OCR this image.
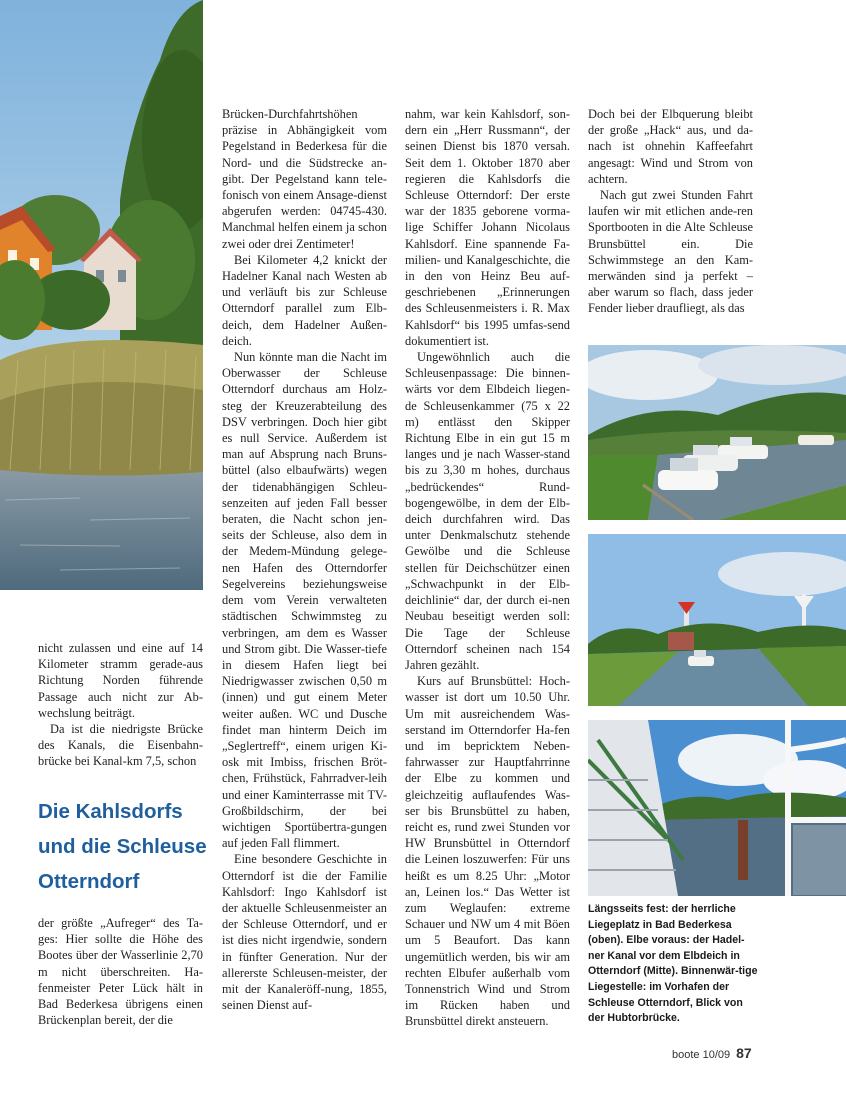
nicht zulassen und eine auf 14 Kilometer stramm gerade-aus Richtung Norden führende Passage auch nicht zur Ab-wechslung beiträgt.

Da ist die niedrigste Brücke des Kanals, die Eisenbahn-brücke bei Kanal-km 7,5, schon

Die Kahlsdorfs und die Schleuse Otterndorf

der größte „Aufreger“ des Ta-ges: Hier sollte die Höhe des Bootes über der Wasserlinie 2,70 m nicht überschreiten. Ha-fenmeister Peter Lück hält in Bad Bederkesa übrigens einen Brückenplan bereit, der die

Brücken-Durchfahrtshöhen präzise in Abhängigkeit vom Pegelstand in Bederkesa für die Nord- und die Südstrecke an-gibt. Der Pegelstand kann tele-fonisch von einem Ansage-dienst abgerufen werden: 04745-430. Manchmal helfen einem ja schon zwei oder drei Zentimeter!

Bei Kilometer 4,2 knickt der Hadelner Kanal nach Westen ab und verläuft bis zur Schleuse Otterndorf parallel zum Elb-deich, dem Hadelner Außen-deich.

Nun könnte man die Nacht im Oberwasser der Schleuse Otterndorf durchaus am Holz-steg der Kreuzerabteilung des DSV verbringen. Doch hier gibt es null Service. Außerdem ist man auf Absprung nach Bruns-büttel (also elbaufwärts) wegen der tidenabhängigen Schleu-senzeiten auf jeden Fall besser beraten, die Nacht schon jen-seits der Schleuse, also dem in der Medem-Mündung gelege-nen Hafen des Otterndorfer Segelvereins beziehungsweise dem vom Verein verwalteten städtischen Schwimmsteg zu verbringen, am dem es Wasser und Strom gibt. Die Wasser-tiefe in diesem Hafen liegt bei Niedrigwasser zwischen 0,50 m (innen) und gut einem Meter weiter außen. WC und Dusche findet man hinterm Deich im „Seglertreff“, einem urigen Ki-osk mit Imbiss, frischen Bröt-chen, Frühstück, Fahrradver-leih und einer Kaminterrasse mit TV-Großbildschirm, der bei wichtigen Sportübertra-gungen auf jeden Fall flimmert.

Eine besondere Geschichte in Otterndorf ist die der Familie Kahlsdorf: Ingo Kahlsdorf ist der aktuelle Schleusenmeister an der Schleuse Otterndorf, und er ist dies nicht irgendwie, sondern in fünfter Generation. Nur der allererste Schleusen-meister, der mit der Kanaleröff-nung, 1855, seinen Dienst auf-

nahm, war kein Kahlsdorf, son-dern ein „Herr Russmann“, der seinen Dienst bis 1870 versah. Seit dem 1. Oktober 1870 aber regieren die Kahlsdorfs die Schleuse Otterndorf: Der erste war der 1835 geborene vorma-lige Schiffer Johann Nicolaus Kahlsdorf. Eine spannende Fa-milien- und Kanalgeschichte, die in den von Heinz Beu auf-geschriebenen „Erinnerungen des Schleusenmeisters i. R. Max Kahlsdorf“ bis 1995 umfas-send dokumentiert ist.

Ungewöhnlich auch die Schleusenpassage: Die binnen-wärts vor dem Elbdeich liegen-de Schleusenkammer (75 x 22 m) entlässt den Skipper Richtung Elbe in ein gut 15 m langes und je nach Wasser-stand bis zu 3,30 m hohes, durchaus „bedrückendes“ Rund-bogengewölbe, in dem der Elb-deich durchfahren wird. Das unter Denkmalschutz stehende Gewölbe und die Schleuse stellen für Deichschützer einen „Schwachpunkt in der Elb-deichlinie“ dar, der durch ei-nen Neubau beseitigt werden soll: Die Tage der Schleuse Otterndorf scheinen nach 154 Jahren gezählt.

Kurs auf Brunsbüttel: Hoch-wasser ist dort um 10.50 Uhr. Um mit ausreichendem Was-serstand im Otterndorfer Ha-fen und im bepricktem Neben-fahrwasser zur Hauptfahrrinne der Elbe zu kommen und gleichzeitig auflaufendes Was-ser bis Brunsbüttel zu haben, reicht es, rund zwei Stunden vor HW Brunsbüttel in Otterndorf die Leinen loszuwerfen: Für uns heißt es um 8.25 Uhr: „Motor an, Leinen los.“ Das Wetter ist zum Weglaufen: extreme Schauer und NW um 4 mit Böen um 5 Beaufort. Das kann ungemütlich werden, bis wir am rechten Elbufer außerhalb vom Tonnenstrich Wind und Strom im Rücken haben und Brunsbüttel direkt ansteuern.

Doch bei der Elbquerung bleibt der große „Hack“ aus, und da-nach ist ohnehin Kaffeefahrt angesagt: Wind und Strom von achtern.

Nach gut zwei Stunden Fahrt laufen wir mit etlichen ande-ren Sportbooten in die Alte Schleuse Brunsbüttel ein. Die Schwimmstege an den Kam-merwänden sind ja perfekt – aber warum so flach, dass jeder Fender lieber draufliegt, als das

Längsseits fest: der herrliche Liegeplatz in Bad Bederkesa (oben). Elbe voraus: der Hadel-ner Kanal vor dem Elbdeich in Otterndorf (Mitte). Binnenwär-tige Liegestelle: im Vorhafen der Schleuse Otterndorf, Blick von der Hubtorbrücke.
boote 10/09 87
